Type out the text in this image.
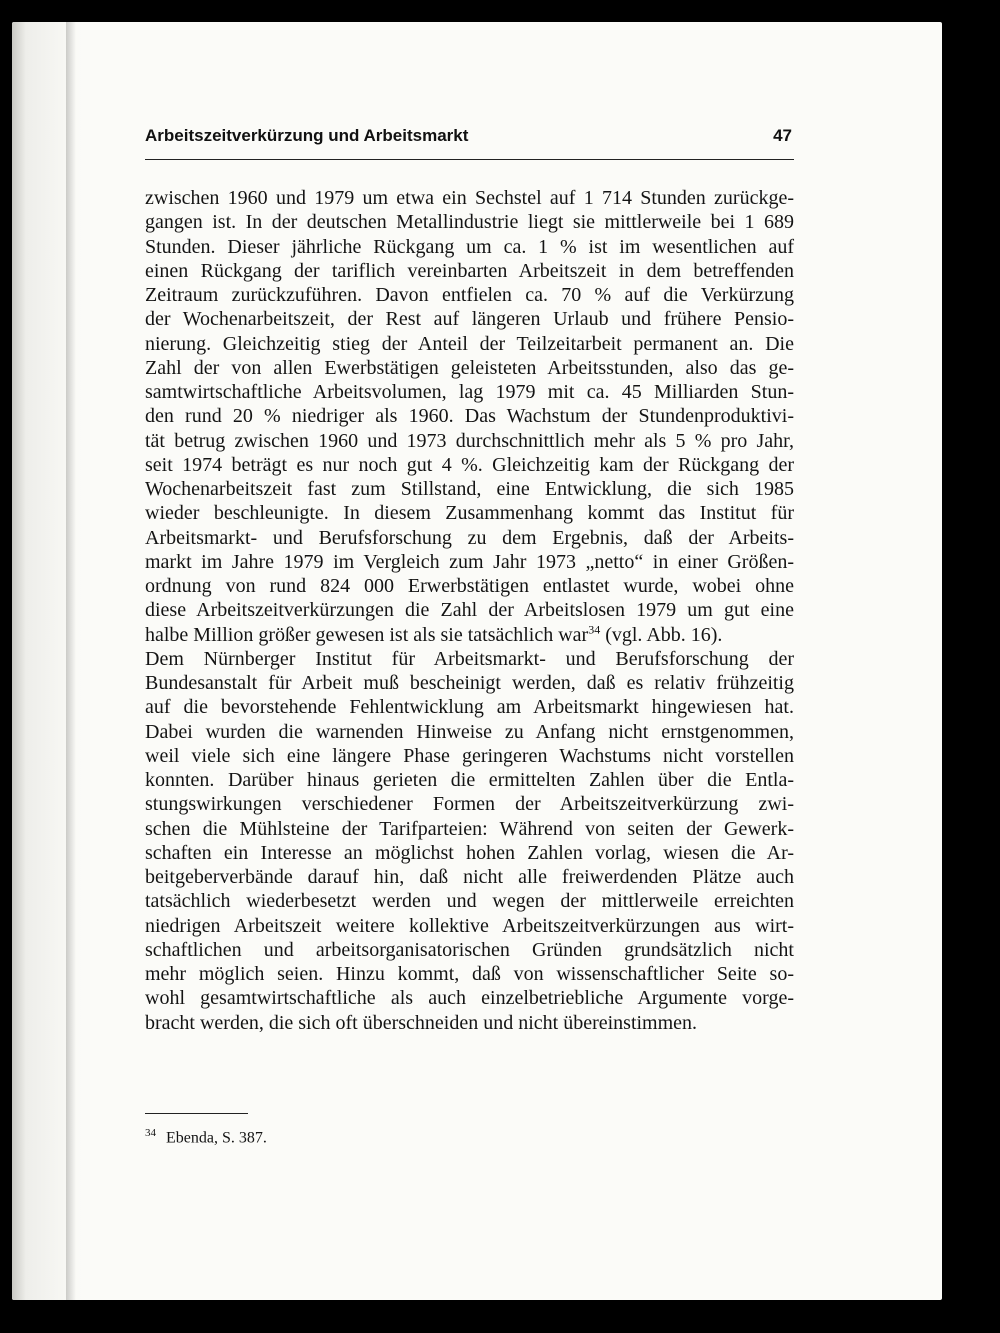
Arbeitszeitverkürzung und Arbeitsmarkt	47
zwischen 1960 und 1979 um etwa ein Sechstel auf 1 714 Stunden zurückge-
gangen ist. In der deutschen Metallindustrie liegt sie mittlerweile bei 1 689
Stunden. Dieser jährliche Rückgang um ca. 1 % ist im wesentlichen auf
einen Rückgang der tariflich vereinbarten Arbeitszeit in dem betreffenden
Zeitraum zurückzuführen. Davon entfielen ca. 70 % auf die Verkürzung
der Wochenarbeitszeit, der Rest auf längeren Urlaub und frühere Pensio-
nierung. Gleichzeitig stieg der Anteil der Teilzeitarbeit permanent an. Die
Zahl der von allen Ewerbstätigen geleisteten Arbeitsstunden, also das ge-
samtwirtschaftliche Arbeitsvolumen, lag 1979 mit ca. 45 Milliarden Stun-
den rund 20 % niedriger als 1960. Das Wachstum der Stundenproduktivi-
tät betrug zwischen 1960 und 1973 durchschnittlich mehr als 5 % pro Jahr,
seit 1974 beträgt es nur noch gut 4 %. Gleichzeitig kam der Rückgang der
Wochenarbeitszeit fast zum Stillstand, eine Entwicklung, die sich 1985
wieder beschleunigte. In diesem Zusammenhang kommt das Institut für
Arbeitsmarkt- und Berufsforschung zu dem Ergebnis, daß der Arbeits-
markt im Jahre 1979 im Vergleich zum Jahr 1973 „netto“ in einer Größen-
ordnung von rund 824 000 Erwerbstätigen entlastet wurde, wobei ohne
diese Arbeitszeitverkürzungen die Zahl der Arbeitslosen 1979 um gut eine
halbe Million größer gewesen ist als sie tatsächlich war$^{34}$ (vgl. Abb. 16).
Dem Nürnberger Institut für Arbeitsmarkt- und Berufsforschung der
Bundesanstalt für Arbeit muß bescheinigt werden, daß es relativ frühzeitig
auf die bevorstehende Fehlentwicklung am Arbeitsmarkt hingewiesen hat.
Dabei wurden die warnenden Hinweise zu Anfang nicht ernstgenommen,
weil viele sich eine längere Phase geringeren Wachstums nicht vorstellen
konnten. Darüber hinaus gerieten die ermittelten Zahlen über die Entla-
stungswirkungen verschiedener Formen der Arbeitszeitverkürzung zwi-
schen die Mühlsteine der Tarifparteien: Während von seiten der Gewerk-
schaften ein Interesse an möglichst hohen Zahlen vorlag, wiesen die Ar-
beitgeberverbände darauf hin, daß nicht alle freiwerdenden Plätze auch
tatsächlich wiederbesetzt werden und wegen der mittlerweile erreichten
niedrigen Arbeitszeit weitere kollektive Arbeitszeitverkürzungen aus wirt-
schaftlichen und arbeitsorganisatorischen Gründen grundsätzlich nicht
mehr möglich seien. Hinzu kommt, daß von wissenschaftlicher Seite so-
wohl gesamtwirtschaftliche als auch einzelbetriebliche Argumente vorge-
bracht werden, die sich oft überschneiden und nicht übereinstimmen.
$^{34}$ Ebenda, S. 387.
